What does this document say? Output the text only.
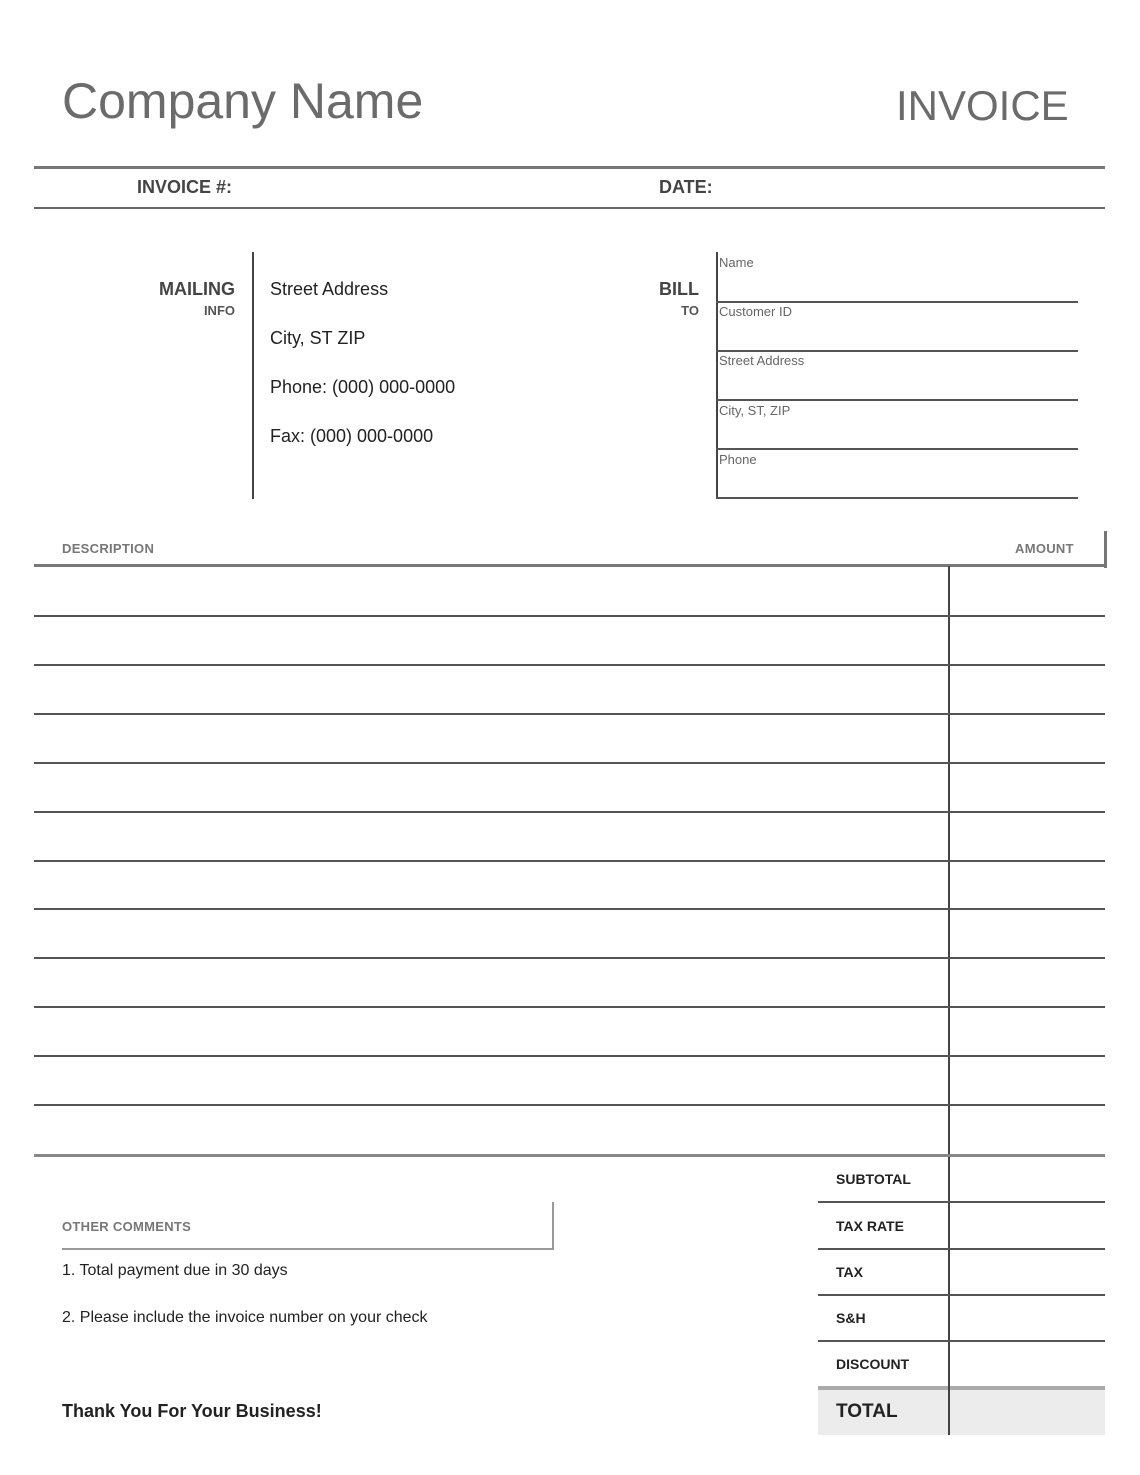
Company Name	INVOICE
INVOICE #:	DATE:
MAILING
INFO
Street Address
City, ST ZIP
Phone: (000) 000-0000
Fax: (000) 000-0000
BILL
TO
Name
Customer ID
Street Address
City, ST, ZIP
Phone
DESCRIPTION	AMOUNT
OTHER COMMENTS
1. Total payment due in 30 days
2. Please include the invoice number on your check
Thank You For Your Business!
SUBTOTAL
TAX RATE
TAX
S&H
DISCOUNT
TOTAL
